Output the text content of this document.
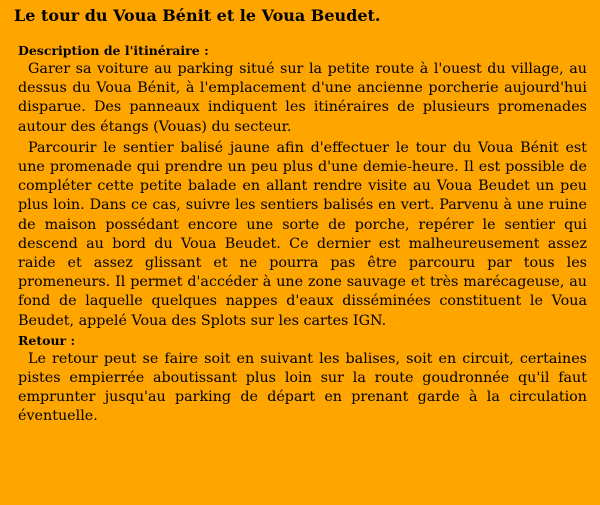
Le tour du Voua Bénit et le Voua Beudet.

Description de l'itinéraire :

Garer sa voiture au parking situé sur la petite route à l'ouest du village, au dessus du Voua Bénit, à l'emplacement d'une ancienne porcherie aujourd'hui disparue. Des panneaux indiquent les itinéraires de plusieurs promenades autour des étangs (Vouas) du secteur.

Parcourir le sentier balisé jaune afin d'effectuer le tour du Voua Bénit est une promenade qui prendre un peu plus d'une demie-heure. Il est possible de compléter cette petite balade en allant rendre visite au Voua Beudet un peu plus loin. Dans ce cas, suivre les sentiers balisés en vert. Parvenu à une ruine de maison possédant encore une sorte de porche, repérer le sentier qui descend au bord du Voua Beudet. Ce dernier est malheureusement assez raide et assez glissant et ne pourra pas être parcouru par tous les promeneurs. Il permet d'accéder à une zone sauvage et très marécageuse, au fond de laquelle quelques nappes d'eaux disséminées constituent le Voua Beudet, appelé Voua des Splots sur les cartes IGN.

Retour :

Le retour peut se faire soit en suivant les balises, soit en circuit, certaines pistes empierrée aboutissant plus loin sur la route goudronnée qu'il faut emprunter jusqu'au parking de départ en prenant garde à la circulation éventuelle.
